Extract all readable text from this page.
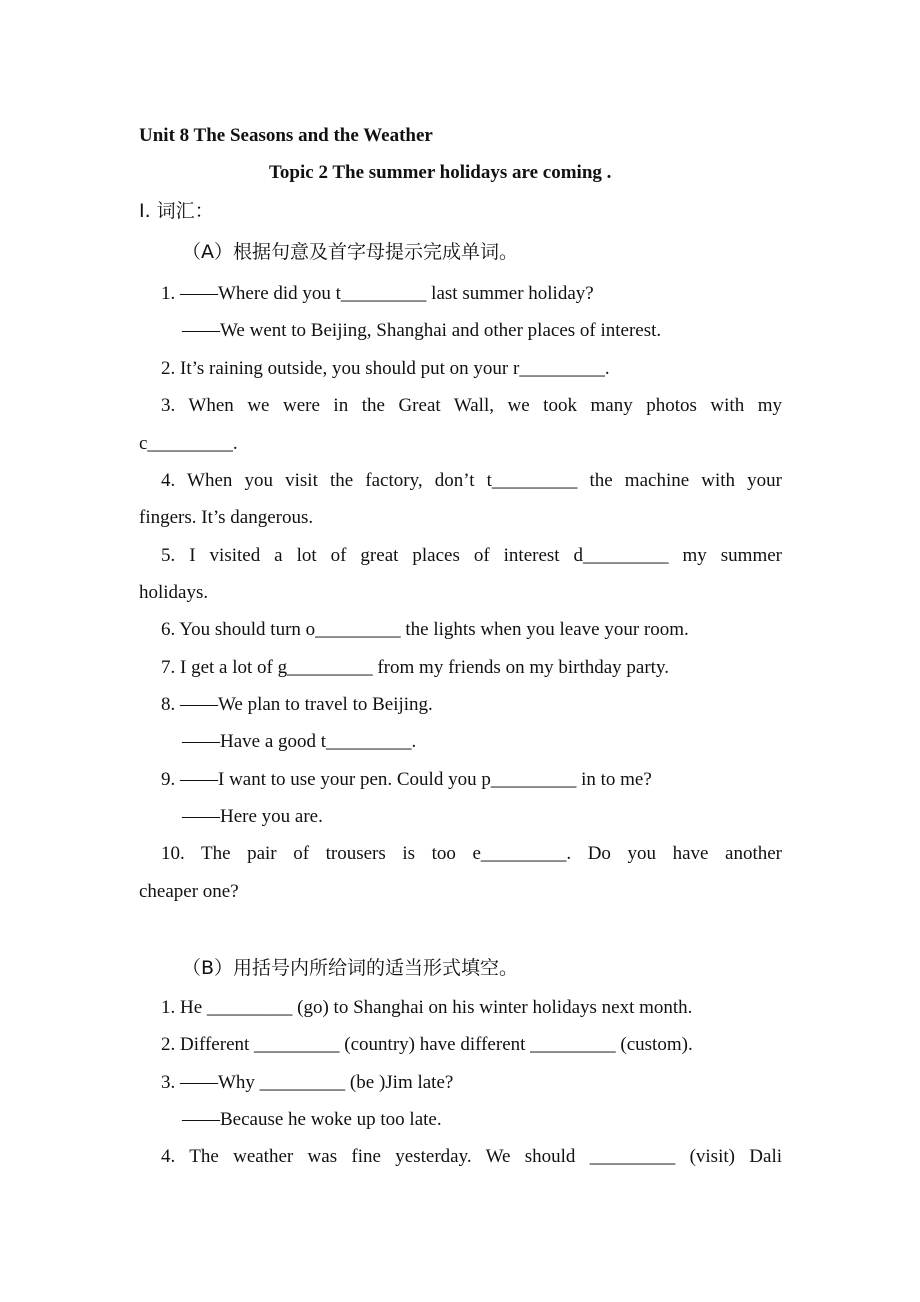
Unit 8 The Seasons and the Weather
Topic 2 The summer holidays are coming .
I. 词汇：
（A）根据句意及首字母提示完成单词。
1. ——Where did you t_________ last summer holiday?
——We went to Beijing, Shanghai and other places of interest.
2. It’s raining outside, you should put on your r_________.
3. When we were in the Great Wall, we took many photos with my
c_________.
4. When you visit the factory, don’t t_________ the machine with your
fingers. It’s dangerous.
5. I visited a lot of great places of interest d_________ my summer
holidays.
6. You should turn o_________ the lights when you leave your room.
7. I get a lot of g_________ from my friends on my birthday party.
8. ——We plan to travel to Beijing.
——Have a good t_________.
9. ——I want to use your pen. Could you p_________ in to me?
——Here you are.
10. The pair of trousers is too e_________. Do you have another
cheaper one?
（B）用括号内所给词的适当形式填空。
1. He _________ (go) to Shanghai on his winter holidays next month.
2. Different _________ (country) have different _________ (custom).
3. ——Why _________ (be )Jim late?
——Because he woke up too late.
4. The weather was fine yesterday. We should _________ (visit) Dali
